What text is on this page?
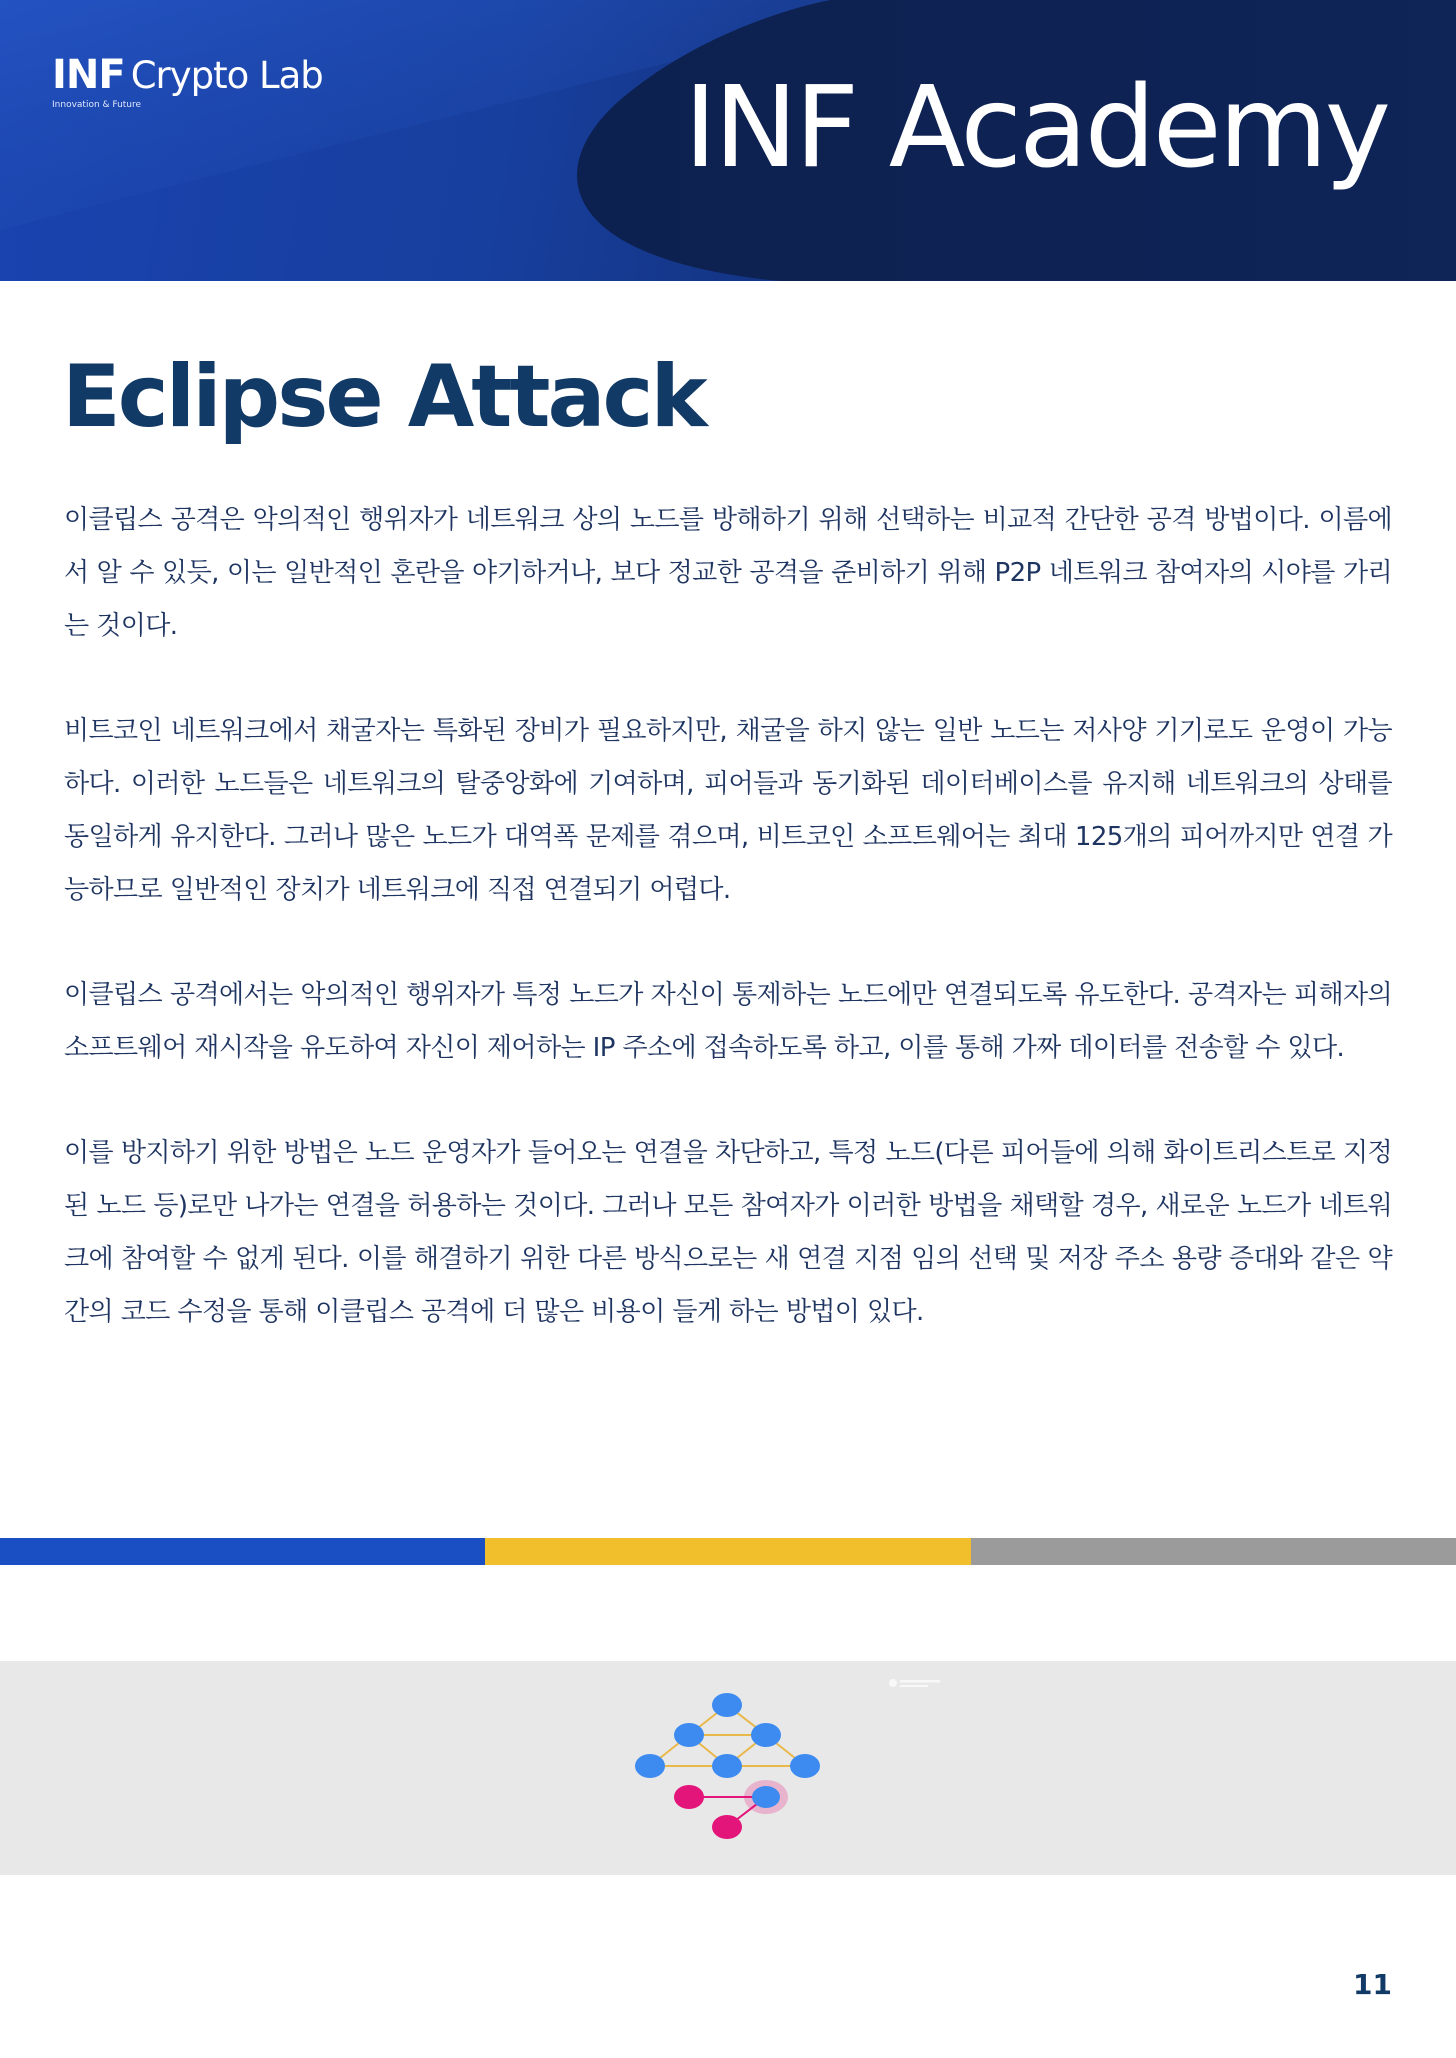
INF Crypto Lab
Innovation & Future	INF Academy
Eclipse Attack

이클립스 공격은 악의적인 행위자가 네트워크 상의 노드를 방해하기 위해 선택하는 비교적 간단한 공격 방법이다. 이름에서 알 수 있듯, 이는 일반적인 혼란을 야기하거나, 보다 정교한 공격을 준비하기 위해 P2P 네트워크 참여자의 시야를 가리는 것이다.

비트코인 네트워크에서 채굴자는 특화된 장비가 필요하지만, 채굴을 하지 않는 일반 노드는 저사양 기기로도 운영이 가능하다. 이러한 노드들은 네트워크의 탈중앙화에 기여하며, 피어들과 동기화된 데이터베이스를 유지해 네트워크의 상태를 동일하게 유지한다. 그러나 많은 노드가 대역폭 문제를 겪으며, 비트코인 소프트웨어는 최대 125개의 피어까지만 연결 가능하므로 일반적인 장치가 네트워크에 직접 연결되기 어렵다.

이클립스 공격에서는 악의적인 행위자가 특정 노드가 자신이 통제하는 노드에만 연결되도록 유도한다. 공격자는 피해자의 소프트웨어 재시작을 유도하여 자신이 제어하는 IP 주소에 접속하도록 하고, 이를 통해 가짜 데이터를 전송할 수 있다.

이를 방지하기 위한 방법은 노드 운영자가 들어오는 연결을 차단하고, 특정 노드(다른 피어들에 의해 화이트리스트로 지정된 노드 등)로만 나가는 연결을 허용하는 것이다. 그러나 모든 참여자가 이러한 방법을 채택할 경우, 새로운 노드가 네트워크에 참여할 수 없게 된다. 이를 해결하기 위한 다른 방식으로는 새 연결 지점 임의 선택 및 저장 주소 용량 증대와 같은 약간의 코드 수정을 통해 이클립스 공격에 더 많은 비용이 들게 하는 방법이 있다.

11
